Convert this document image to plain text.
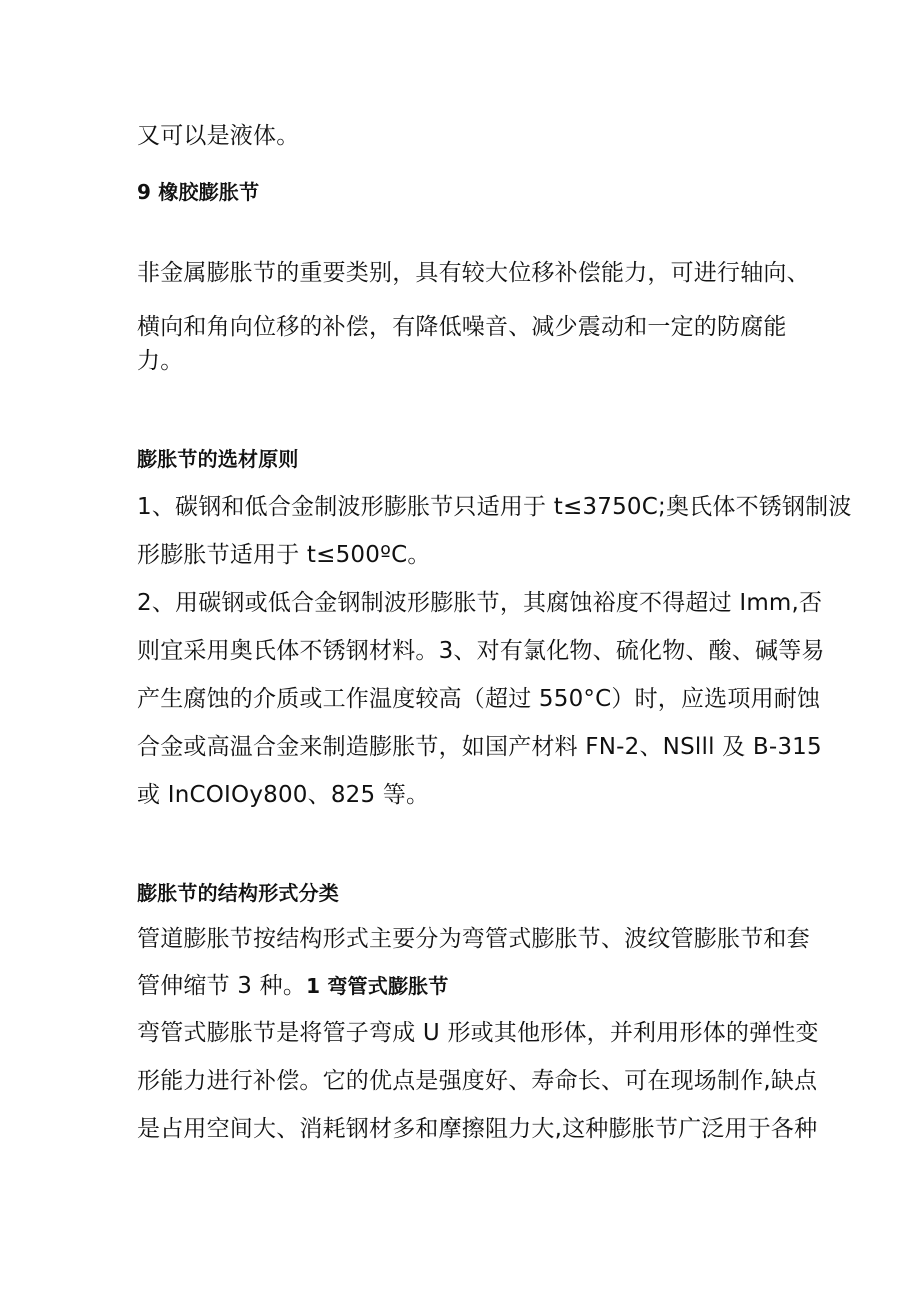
又可以是液体。
9 橡胶膨胀节
非金属膨胀节的重要类别，具有较大位移补偿能力，可进行轴向、
横向和角向位移的补偿，有降低噪音、减少震动和一定的防腐能
力。
膨胀节的选材原则
1、碳钢和低合金制波形膨胀节只适用于 t≤3750C;奥氏体不锈钢制波
形膨胀节适用于 t≤500ºC。
2、用碳钢或低合金钢制波形膨胀节，其腐蚀裕度不得超过 Imm,否
则宜采用奥氏体不锈钢材料。3、对有氯化物、硫化物、酸、碱等易
产生腐蚀的介质或工作温度较高（超过 550°C）时，应选项用耐蚀
合金或高温合金来制造膨胀节，如国产材料 FN-2、NSlll 及 B-315
或 InCOIOy800、825 等。
膨胀节的结构形式分类
管道膨胀节按结构形式主要分为弯管式膨胀节、波纹管膨胀节和套
管伸缩节 3 种。1 弯管式膨胀节
弯管式膨胀节是将管子弯成 U 形或其他形体，并利用形体的弹性变
形能力进行补偿。它的优点是强度好、寿命长、可在现场制作,缺点
是占用空间大、消耗钢材多和摩擦阻力大,这种膨胀节广泛用于各种
